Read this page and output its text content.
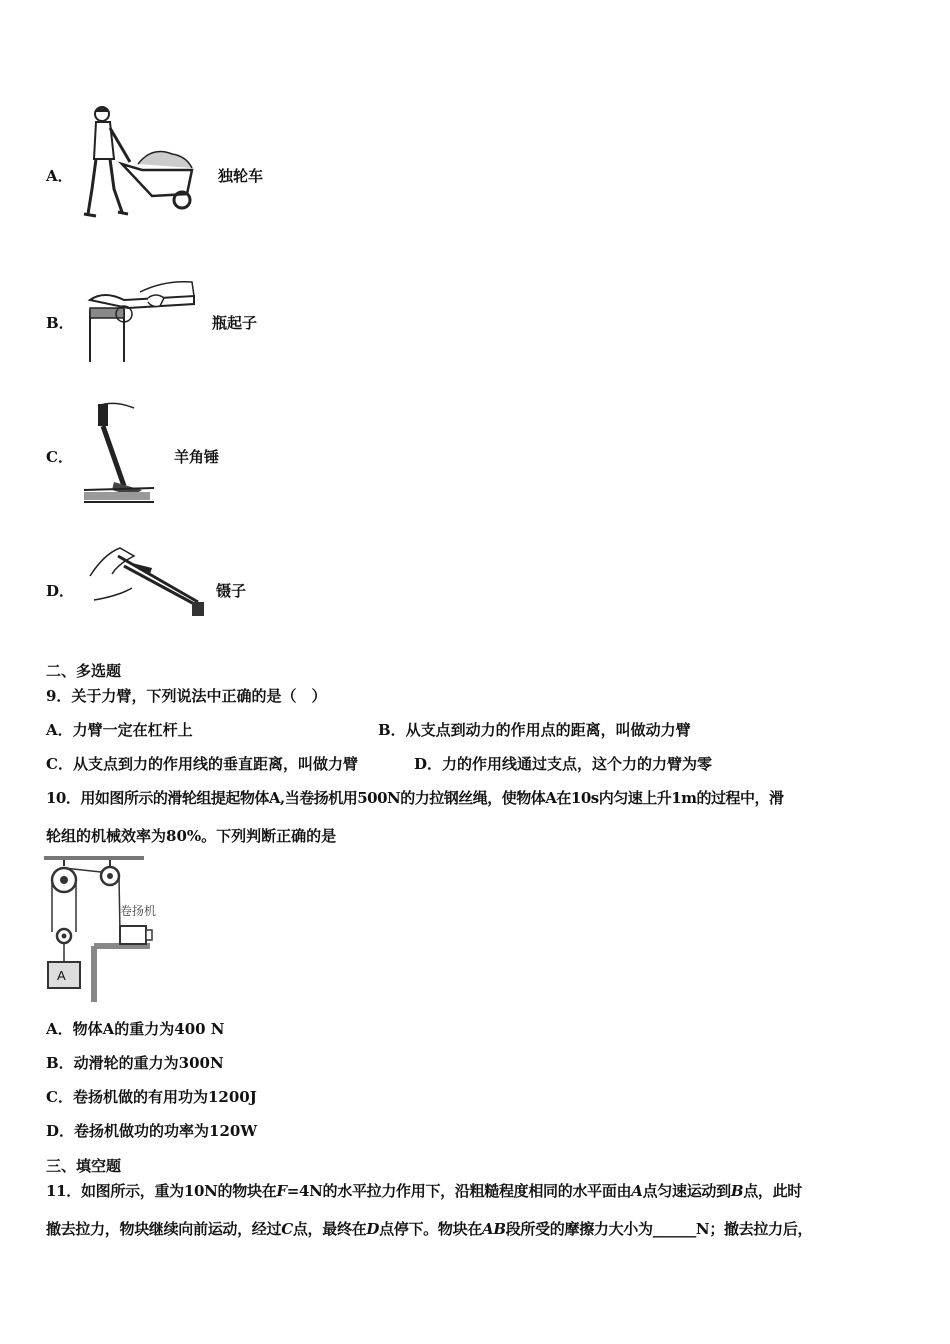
A．	独轮车
B．	瓶起子
C．	羊角锤
D．	镊子
二、多选题
9．关于力臂，下列说法中正确的是（　）
A．力臂一定在杠杆上	B．从支点到动力的作用点的距离，叫做动力臂
C．从支点到力的作用线的垂直距离，叫做力臂	D．力的作用线通过支点，这个力的力臂为零
10．用如图所示的滑轮组提起物体A,当卷扬机用500N的力拉钢丝绳，使物体A在10s内匀速上升1m的过程中，滑
轮组的机械效率为80%。下列判断正确的是
A
卷扬机
A．物体A的重力为400 N
B．动滑轮的重力为300N
C．卷扬机做的有用功为1200J
D．卷扬机做功的功率为120W
三、填空题
11．如图所示，重为10N的物块在F=4N的水平拉力作用下，沿粗糙程度相同的水平面由A点匀速运动到B点，此时
撤去拉力，物块继续向前运动，经过C点，最终在D点停下。物块在AB段所受的摩擦力大小为______N；撤去拉力后，
